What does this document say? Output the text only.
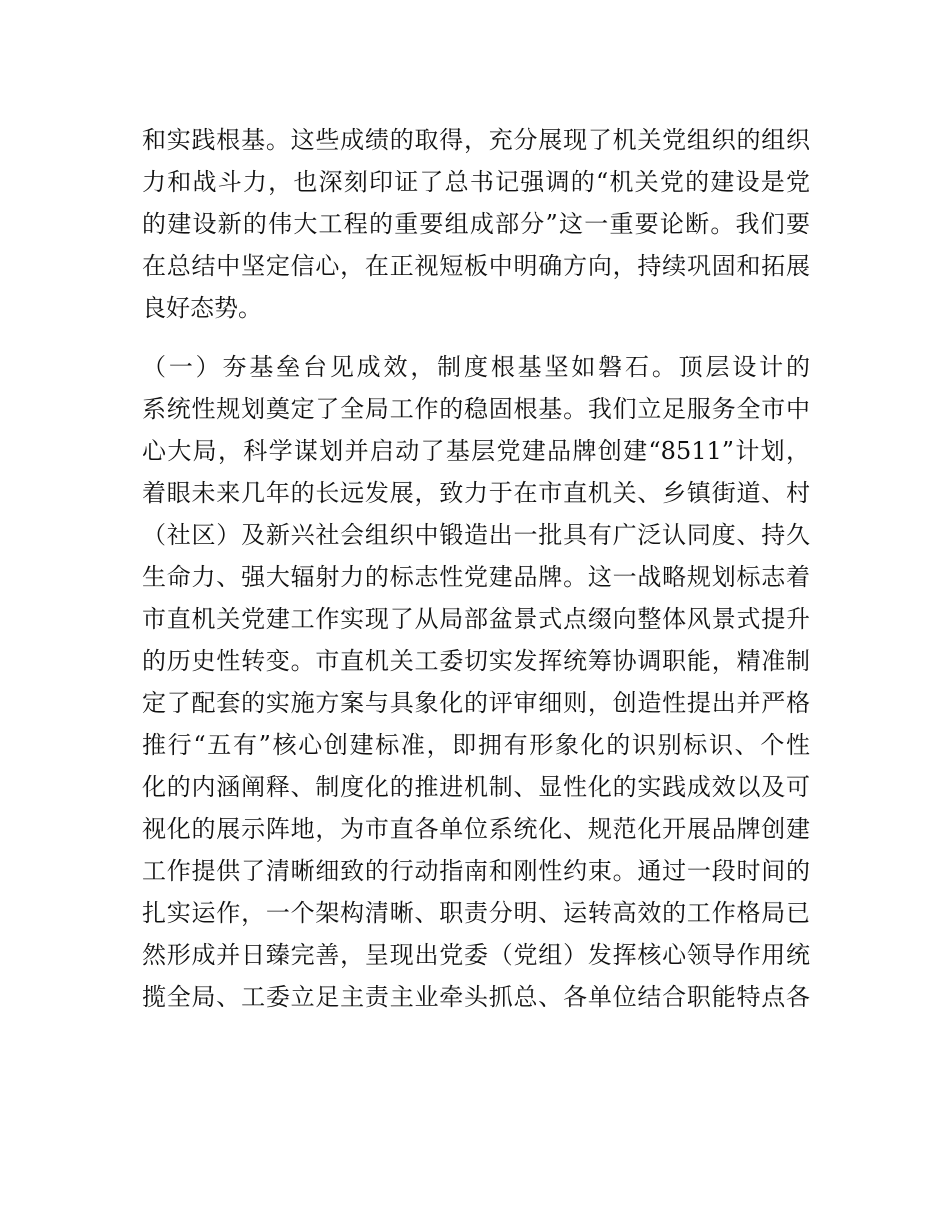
和实践根基。这些成绩的取得，充分展现了机关党组织的组织
力和战斗力，也深刻印证了总书记强调的“机关党的建设是党
的建设新的伟大工程的重要组成部分”这一重要论断。我们要
在总结中坚定信心，在正视短板中明确方向，持续巩固和拓展
良好态势。
（一）夯基垒台见成效，制度根基坚如磐石。顶层设计的
系统性规划奠定了全局工作的稳固根基。我们立足服务全市中
心大局，科学谋划并启动了基层党建品牌创建“8511”计划，
着眼未来几年的长远发展，致力于在市直机关、乡镇街道、村
（社区）及新兴社会组织中锻造出一批具有广泛认同度、持久
生命力、强大辐射力的标志性党建品牌。这一战略规划标志着
市直机关党建工作实现了从局部盆景式点缀向整体风景式提升
的历史性转变。市直机关工委切实发挥统筹协调职能，精准制
定了配套的实施方案与具象化的评审细则，创造性提出并严格
推行“五有”核心创建标准，即拥有形象化的识别标识、个性
化的内涵阐释、制度化的推进机制、显性化的实践成效以及可
视化的展示阵地，为市直各单位系统化、规范化开展品牌创建
工作提供了清晰细致的行动指南和刚性约束。通过一段时间的
扎实运作，一个架构清晰、职责分明、运转高效的工作格局已
然形成并日臻完善，呈现出党委（党组）发挥核心领导作用统
揽全局、工委立足主责主业牵头抓总、各单位结合职能特点各
